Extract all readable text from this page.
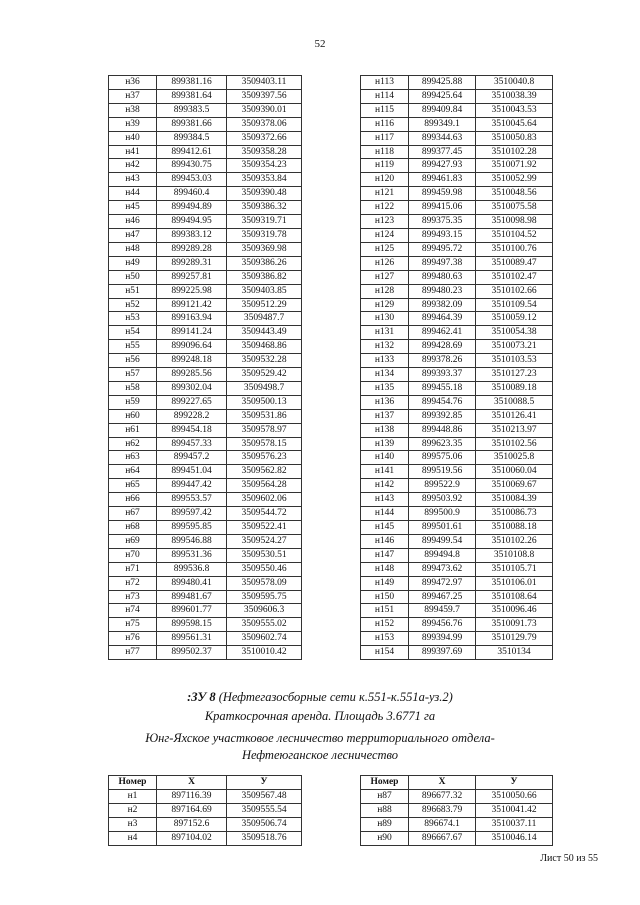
52
н36	899381.16	3509403.11
н37	899381.64	3509397.56
н38	899383.5	3509390.01
н39	899381.66	3509378.06
н40	899384.5	3509372.66
н41	899412.61	3509358.28
н42	899430.75	3509354.23
н43	899453.03	3509353.84
н44	899460.4	3509390.48
н45	899494.89	3509386.32
н46	899494.95	3509319.71
н47	899383.12	3509319.78
н48	899289.28	3509369.98
н49	899289.31	3509386.26
н50	899257.81	3509386.82
н51	899225.98	3509403.85
н52	899121.42	3509512.29
н53	899163.94	3509487.7
н54	899141.24	3509443.49
н55	899096.64	3509468.86
н56	899248.18	3509532.28
н57	899285.56	3509529.42
н58	899302.04	3509498.7
н59	899227.65	3509500.13
н60	899228.2	3509531.86
н61	899454.18	3509578.97
н62	899457.33	3509578.15
н63	899457.2	3509576.23
н64	899451.04	3509562.82
н65	899447.42	3509564.28
н66	899553.57	3509602.06
н67	899597.42	3509544.72
н68	899595.85	3509522.41
н69	899546.88	3509524.27
н70	899531.36	3509530.51
н71	899536.8	3509550.46
н72	899480.41	3509578.09
н73	899481.67	3509595.75
н74	899601.77	3509606.3
н75	899598.15	3509555.02
н76	899561.31	3509602.74
н77	899502.37	3510010.42
н113	899425.88	3510040.8
н114	899425.64	3510038.39
н115	899409.84	3510043.53
н116	899349.1	3510045.64
н117	899344.63	3510050.83
н118	899377.45	3510102.28
н119	899427.93	3510071.92
н120	899461.83	3510052.99
н121	899459.98	3510048.56
н122	899415.06	3510075.58
н123	899375.35	3510098.98
н124	899493.15	3510104.52
н125	899495.72	3510100.76
н126	899497.38	3510089.47
н127	899480.63	3510102.47
н128	899480.23	3510102.66
н129	899382.09	3510109.54
н130	899464.39	3510059.12
н131	899462.41	3510054.38
н132	899428.69	3510073.21
н133	899378.26	3510103.53
н134	899393.37	3510127.23
н135	899455.18	3510089.18
н136	899454.76	3510088.5
н137	899392.85	3510126.41
н138	899448.86	3510213.97
н139	899623.35	3510102.56
н140	899575.06	3510025.8
н141	899519.56	3510060.04
н142	899522.9	3510069.67
н143	899503.92	3510084.39
н144	899500.9	3510086.73
н145	899501.61	3510088.18
н146	899499.54	3510102.26
н147	899494.8	3510108.8
н148	899473.62	3510105.71
н149	899472.97	3510106.01
н150	899467.25	3510108.64
н151	899459.7	3510096.46
н152	899456.76	3510091.73
н153	899394.99	3510129.79
н154	899397.69	3510134
:ЗУ 8 (Нефтегазосборные сети к.551-к.551а-уз.2)
Краткосрочная аренда. Площадь 3.6771 га
Юнг-Яхское участковое лесничество территориального отдела-
Нефтеюганское лесничество
Номер	X	У
н1	897116.39	3509567.48
н2	897164.69	3509555.54
н3	897152.6	3509506.74
н4	897104.02	3509518.76
Номер	X	У
н87	896677.32	3510050.66
н88	896683.79	3510041.42
н89	896674.1	3510037.11
н90	896667.67	3510046.14
Лист 50 из 55
